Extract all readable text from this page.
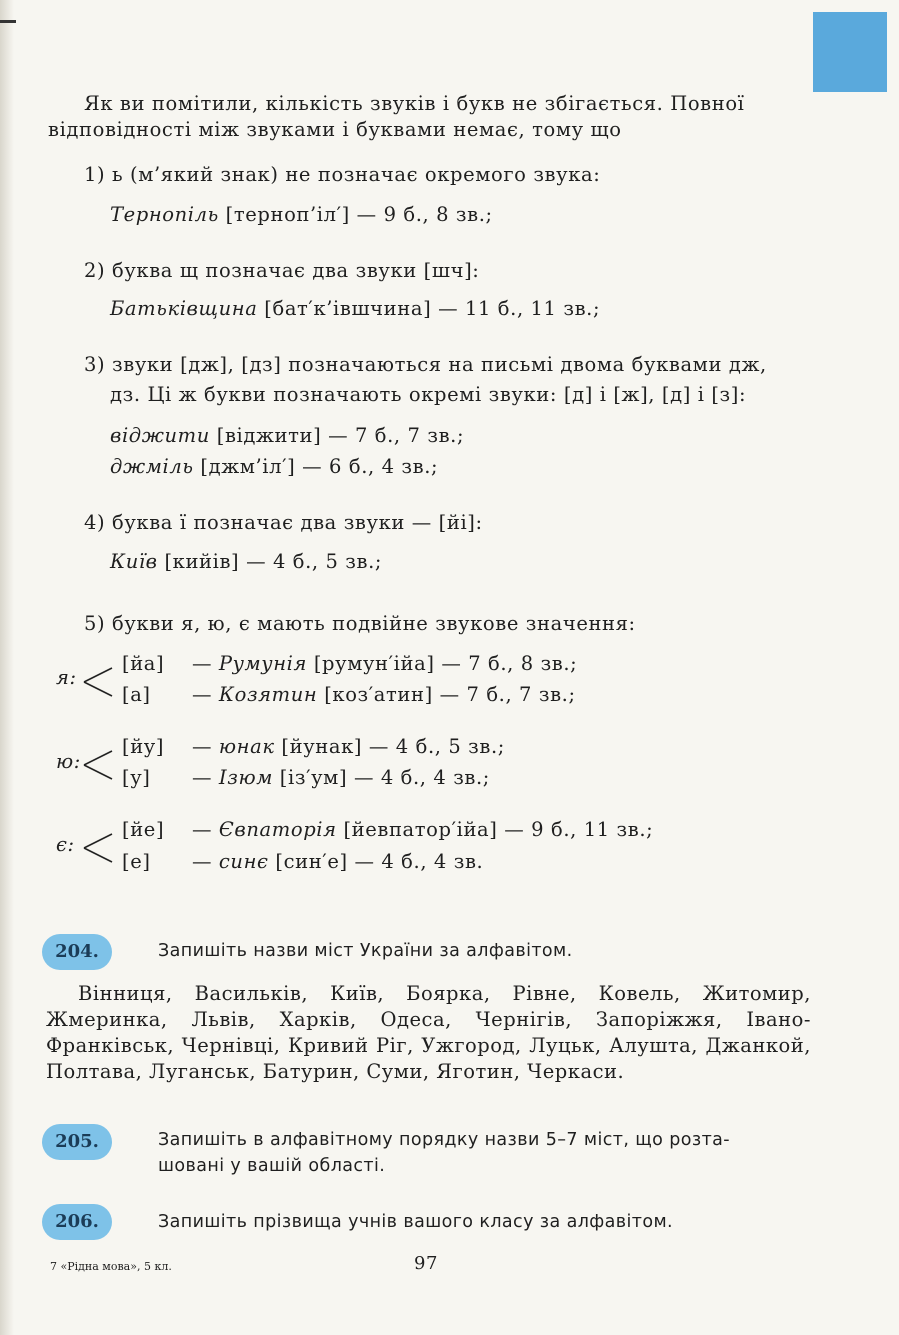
Як ви помітили, кількість звуків і букв не збігається. Повної
відповідності між звуками і буквами немає, тому що
1) ь (м’який знак) не позначає окремого звука:
Тернопіль [терноп’іл′] — 9 б., 8 зв.;
2) буква щ позначає два звуки [шч]:
Батьківщина [бат′к’івшчина] — 11 б., 11 зв.;
3) звуки [дж], [дз] позначаються на письмі двома буквами дж,
дз. Ці ж букви позначають окремі звуки: [д] і [ж], [д] і [з]:
віджити [віджити] — 7 б., 7 зв.;
джміль [джм’іл′] — 6 б., 4 зв.;
4) буква ї позначає два звуки — [йі]:
Київ [кийів] — 4 б., 5 зв.;
5) букви я, ю, є мають подвійне звукове значення:
я:
[йа] — Румунія [румун′ійа] — 7 б., 8 зв.;
[а] — Козятин [коз′атин] — 7 б., 7 зв.;
ю:
[йу] — юнак [йунак] — 4 б., 5 зв.;
[у] — Ізюм [із′ум] — 4 б., 4 зв.;
є:
[йе] — Євпаторія [йевпатор′ійа] — 9 б., 11 зв.;
[е] — синє [син′е] — 4 б., 4 зв.
204.	Запишіть назви міст України за алфавітом.
Вінниця, Васильків, Київ, Боярка, Рівне, Ковель, Житомир, Жмеринка, Львів, Харків, Одеса, Чернігів, Запоріжжя, Івано-Франківськ, Чернівці, Кривий Ріг, Ужгород, Луцьк, Алушта, Джанкой, Полтава, Луганськ, Батурин, Суми, Яготин, Черкаси.
205.	Запишіть в алфавітному порядку назви 5–7 міст, що розта-
шовані у вашій області.
206.	Запишіть прізвища учнів вашого класу за алфавітом.
7 «Рідна мова», 5 кл.	97
